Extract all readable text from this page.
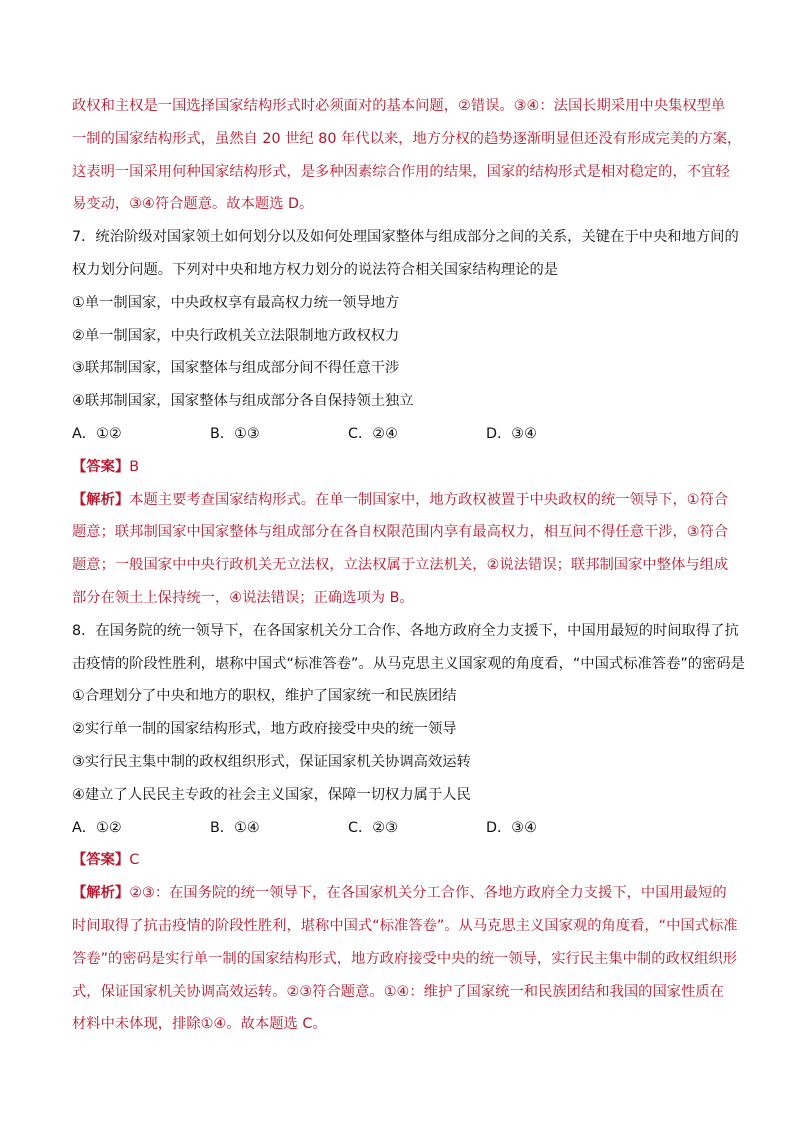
政权和主权是一国选择国家结构形式时必须面对的基本问题，②错误。③④：法国长期采用中央集权型单
一制的国家结构形式，虽然自 20 世纪 80 年代以来，地方分权的趋势逐渐明显但还没有形成完美的方案，
这表明一国采用何种国家结构形式，是多种因素综合作用的结果，国家的结构形式是相对稳定的，不宜轻
易变动，③④符合题意。故本题选 D。
7．统治阶级对国家领土如何划分以及如何处理国家整体与组成部分之间的关系，关键在于中央和地方间的
权力划分问题。下列对中央和地方权力划分的说法符合相关国家结构理论的是
①单一制国家，中央政权享有最高权力统一领导地方
②单一制国家，中央行政机关立法限制地方政权权力
③联邦制国家，国家整体与组成部分间不得任意干涉
④联邦制国家，国家整体与组成部分各自保持领土独立
A．①②	B．①③	C．②④	D．③④
【答案】B
【解析】本题主要考查国家结构形式。在单一制国家中，地方政权被置于中央政权的统一领导下，①符合
题意；联邦制国家中国家整体与组成部分在各自权限范围内享有最高权力，相互间不得任意干涉，③符合
题意；一般国家中中央行政机关无立法权，立法权属于立法机关，②说法错误；联邦制国家中整体与组成
部分在领土上保持统一，④说法错误；正确选项为 B。
8．在国务院的统一领导下，在各国家机关分工合作、各地方政府全力支援下，中国用最短的时间取得了抗
击疫情的阶段性胜利，堪称中国式“标准答卷”。从马克思主义国家观的角度看，“中国式标准答卷”的密码是
①合理划分了中央和地方的职权，维护了国家统一和民族团结
②实行单一制的国家结构形式，地方政府接受中央的统一领导
③实行民主集中制的政权组织形式，保证国家机关协调高效运转
④建立了人民民主专政的社会主义国家，保障一切权力属于人民
A．①②	B．①④	C．②③	D．③④
【答案】C
【解析】②③：在国务院的统一领导下，在各国家机关分工合作、各地方政府全力支援下，中国用最短的
时间取得了抗击疫情的阶段性胜利，堪称中国式“标准答卷”。从马克思主义国家观的角度看，“中国式标准
答卷”的密码是实行单一制的国家结构形式，地方政府接受中央的统一领导，实行民主集中制的政权组织形
式，保证国家机关协调高效运转。②③符合题意。①④：维护了国家统一和民族团结和我国的国家性质在
材料中未体现，排除①④。故本题选 C。
